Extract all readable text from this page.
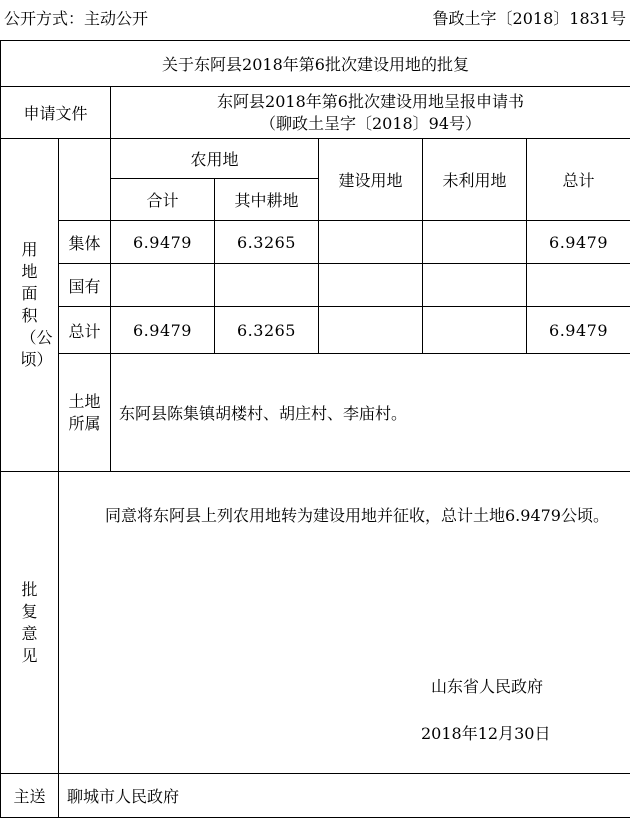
公开方式：主动公开	鲁政土字〔2018〕1831号
关于东阿县2018年第6批次建设用地的批复						
申请文件		东阿县2018年第6批次建设用地呈报申请书
（聊政土呈字〔2018〕94号）				

用地面积（公顷）		农用地		建设用地	未利用地	总计
		合计	其中耕地			
	集体	6.9479	6.3265			6.9479
	国有					
	总计	6.9479	6.3265			6.9479
	土地所属	东阿县陈集镇胡楼村、胡庄村、李庙村。				
批复意见	同意将东阿县上列农用地转为建设用地并征收，总计土地6.9479公顷。
山东省人民政府
2018年12月30日					

主送	聊城市人民政府					
